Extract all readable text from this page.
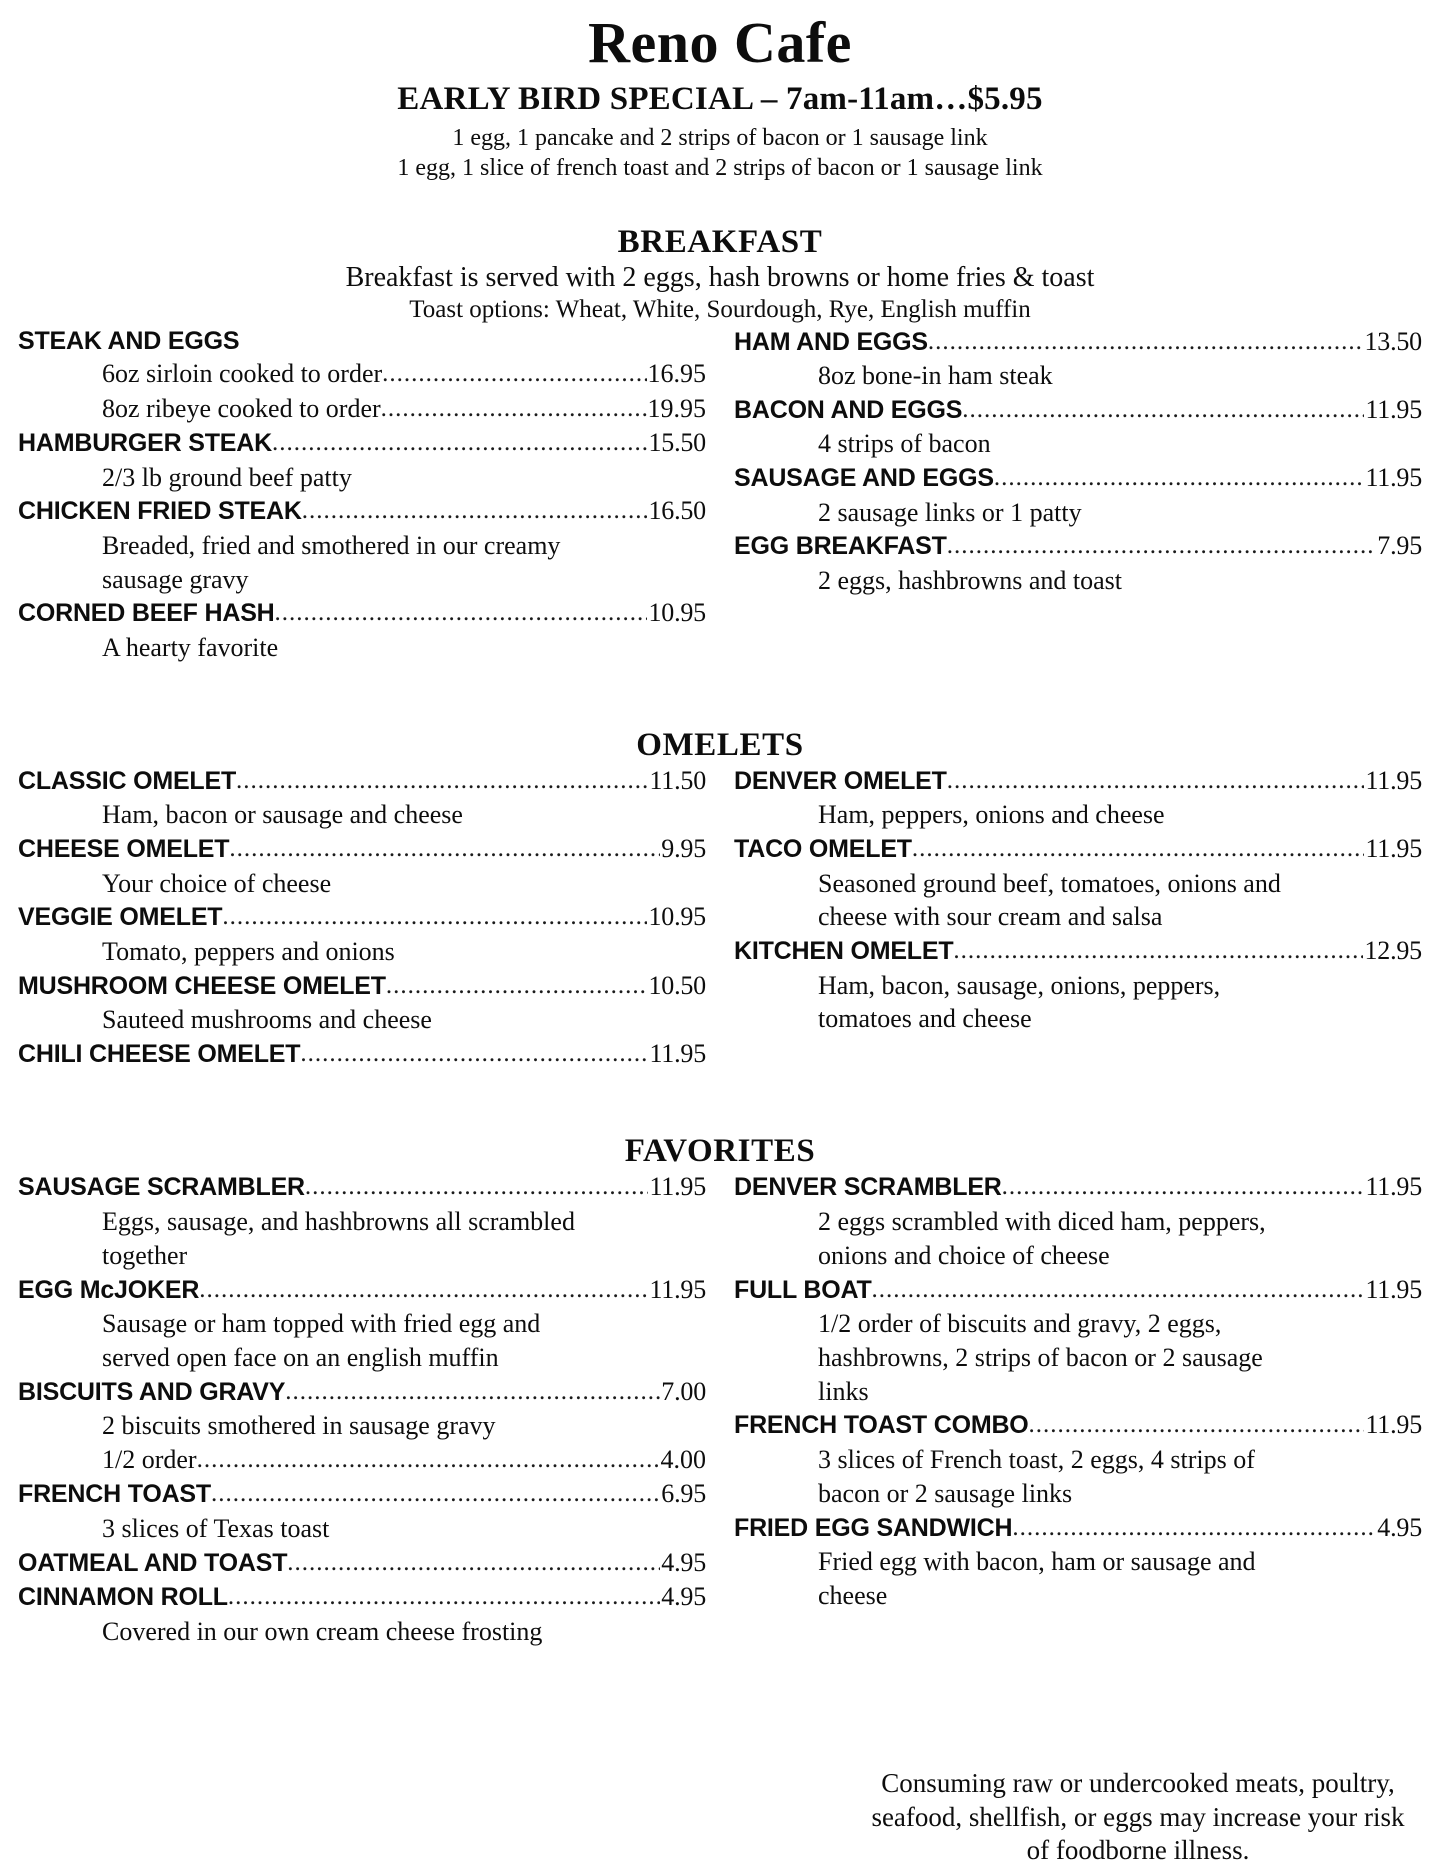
Reno Cafe
EARLY BIRD SPECIAL – 7am-11am…$5.95
1 egg, 1 pancake and 2 strips of bacon or 1 sausage link
1 egg, 1 slice of french toast and 2 strips of bacon or 1 sausage link
BREAKFAST
Breakfast is served with 2 eggs, hash browns or home fries & toast
Toast options: Wheat, White, Sourdough, Rye, English muffin
STEAK AND EGGS
6oz sirloin cooked to order .....	16.95
8oz ribeye cooked to order .....	19.95
HAMBURGER STEAK .....	15.50
2/3 lb ground beef patty
CHICKEN FRIED STEAK .....	16.50
Breaded, fried and smothered in our creamy
sausage gravy
CORNED BEEF HASH .....	10.95
A hearty favorite
HAM AND EGGS .....	13.50
8oz bone-in ham steak
BACON AND EGGS .....	11.95
4 strips of bacon
SAUSAGE AND EGGS .....	11.95
2 sausage links or 1 patty
EGG BREAKFAST .....	7.95
2 eggs, hashbrowns and toast
OMELETS
CLASSIC OMELET .....	11.50
Ham, bacon or sausage and cheese
CHEESE OMELET .....	9.95
Your choice of cheese
VEGGIE OMELET .....	10.95
Tomato, peppers and onions
MUSHROOM CHEESE OMELET .....	10.50
Sauteed mushrooms and cheese
CHILI CHEESE OMELET .....	11.95
DENVER OMELET .....	11.95
Ham, peppers, onions and cheese
TACO OMELET .....	11.95
Seasoned ground beef, tomatoes, onions and
cheese with sour cream and salsa
KITCHEN OMELET .....	12.95
Ham, bacon, sausage, onions, peppers,
tomatoes and cheese
FAVORITES
SAUSAGE SCRAMBLER .....	11.95
Eggs, sausage, and hashbrowns all scrambled
together
EGG McJOKER .....	11.95
Sausage or ham topped with fried egg and
served open face on an english muffin
BISCUITS AND GRAVY .....	7.00
2 biscuits smothered in sausage gravy
1/2 order .....	4.00
FRENCH TOAST .....	6.95
3 slices of Texas toast
OATMEAL AND TOAST .....	4.95
CINNAMON ROLL .....	4.95
Covered in our own cream cheese frosting
DENVER SCRAMBLER .....	11.95
2 eggs scrambled with diced ham, peppers,
onions and choice of cheese
FULL BOAT .....	11.95
1/2 order of biscuits and gravy, 2 eggs,
hashbrowns, 2 strips of bacon or 2 sausage
links
FRENCH TOAST COMBO .....	11.95
3 slices of French toast, 2 eggs, 4 strips of
bacon or 2 sausage links
FRIED EGG SANDWICH .....	4.95
Fried egg with bacon, ham or sausage and
cheese
Consuming raw or undercooked meats, poultry, seafood, shellfish, or eggs may increase your risk of foodborne illness.
